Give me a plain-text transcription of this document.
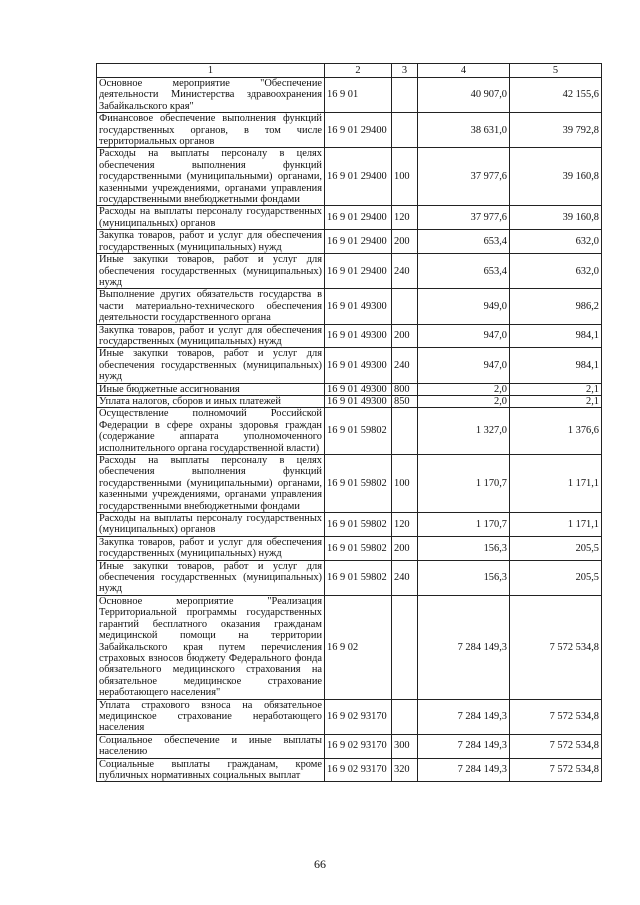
1	2	3	4	5
Основное мероприятие "Обеспечение деятельности Министерства здравоохранения Забайкальского края"	16 9 01		40 907,0	42 155,6
Финансовое обеспечение выполнения функций государственных органов, в том числе территориальных органов	16 9 01 29400		38 631,0	39 792,8
Расходы на выплаты персоналу в целях обеспечения выполнения функций государственными (муниципальными) органами, казенными учреждениями, органами управления государственными внебюджетными фондами	16 9 01 29400	100	37 977,6	39 160,8
Расходы на выплаты персоналу государственных (муниципальных) органов	16 9 01 29400	120	37 977,6	39 160,8
Закупка товаров, работ и услуг для обеспечения государственных (муниципальных) нужд	16 9 01 29400	200	653,4	632,0
Иные закупки товаров, работ и услуг для обеспечения государственных (муниципальных) нужд	16 9 01 29400	240	653,4	632,0
Выполнение других обязательств государства в части материально-технического обеспечения деятельности государственного органа	16 9 01 49300		949,0	986,2
Закупка товаров, работ и услуг для обеспечения государственных (муниципальных) нужд	16 9 01 49300	200	947,0	984,1
Иные закупки товаров, работ и услуг для обеспечения государственных (муниципальных) нужд	16 9 01 49300	240	947,0	984,1
Иные бюджетные ассигнования	16 9 01 49300	800	2,0	2,1
Уплата налогов, сборов и иных платежей	16 9 01 49300	850	2,0	2,1
Осуществление полномочий Российской Федерации в сфере охраны здоровья граждан (содержание аппарата уполномоченного исполнительного органа государственной власти)	16 9 01 59802		1 327,0	1 376,6
Расходы на выплаты персоналу в целях обеспечения выполнения функций государственными (муниципальными) органами, казенными учреждениями, органами управления государственными внебюджетными фондами	16 9 01 59802	100	1 170,7	1 171,1
Расходы на выплаты персоналу государственных (муниципальных) органов	16 9 01 59802	120	1 170,7	1 171,1
Закупка товаров, работ и услуг для обеспечения государственных (муниципальных) нужд	16 9 01 59802	200	156,3	205,5
Иные закупки товаров, работ и услуг для обеспечения государственных (муниципальных) нужд	16 9 01 59802	240	156,3	205,5
Основное мероприятие "Реализация Территориальной программы государственных гарантий бесплатного оказания гражданам медицинской помощи на территории Забайкальского края путем перечисления страховых взносов бюджету Федерального фонда обязательного медицинского страхования на обязательное медицинское страхование неработающего населения"	16 9 02		7 284 149,3	7 572 534,8
Уплата страхового взноса на обязательное медицинское страхование неработающего населения	16 9 02 93170		7 284 149,3	7 572 534,8
Социальное обеспечение и иные выплаты населению	16 9 02 93170	300	7 284 149,3	7 572 534,8
Социальные выплаты гражданам, кроме публичных нормативных социальных выплат	16 9 02 93170	320	7 284 149,3	7 572 534,8
66
